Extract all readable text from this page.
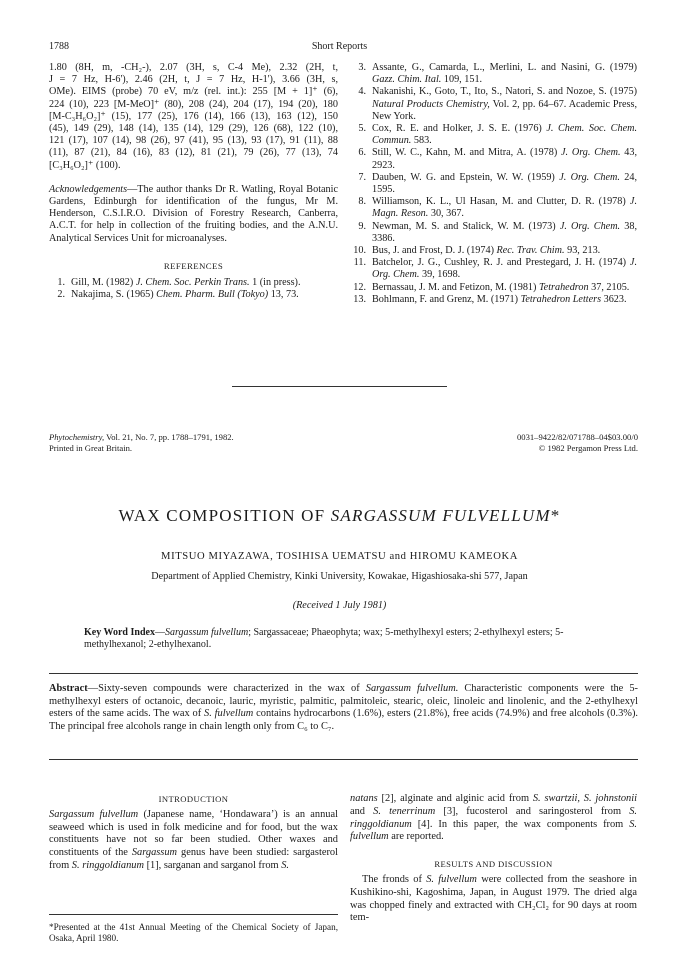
1788	Short Reports
1.80 (8H, m, -CH₂-), 2.07 (3H, s, C-4 Me), 2.32 (2H, t,
J = 7 Hz, H-6'), 2.46 (2H, t, J = 7 Hz, H-1'), 3.66 (3H, s,
OMe). EIMS (probe) 70 eV, m/z (rel. int.): 255 [M + 1]⁺ (6),
224 (10), 223 [M-MeO]⁺ (80), 208 (24), 204 (17), 194 (20), 180
[M-C₃H₆O₂]⁺ (15), 177 (25), 176 (14), 166 (13), 163 (12), 150
(45), 149 (29), 148 (14), 135 (14), 129 (29), 126 (68), 122 (10),
121 (17), 107 (14), 98 (26), 97 (41), 95 (13), 93 (17), 91 (11), 88
(11), 87 (21), 84 (16), 83 (12), 81 (21), 79 (26), 77 (13), 74
[C₃H₆O₂]⁺ (100).
Acknowledgements—The author thanks Dr R. Watling, Royal Botanic Gardens, Edinburgh for identification of the fungus, Mr M. Henderson, C.S.I.R.O. Division of Forestry Research, Canberra, A.C.T. for help in collection of the fruiting bodies, and the A.N.U. Analytical Services Unit for microanalyses.
REFERENCES
1. Gill, M. (1982) J. Chem. Soc. Perkin Trans. 1 (in press).
2. Nakajima, S. (1965) Chem. Pharm. Bull (Tokyo) 13, 73.
3. Assante, G., Camarda, L., Merlini, L. and Nasini, G. (1979) Gazz. Chim. Ital. 109, 151.
4. Nakanishi, K., Goto, T., Ito, S., Natori, S. and Nozoe, S. (1975) Natural Products Chemistry, Vol. 2, pp. 64–67. Academic Press, New York.
5. Cox, R. E. and Holker, J. S. E. (1976) J. Chem. Soc. Chem. Commun. 583.
6. Still, W. C., Kahn, M. and Mitra, A. (1978) J. Org. Chem. 43, 2923.
7. Dauben, W. G. and Epstein, W. W. (1959) J. Org. Chem. 24, 1595.
8. Williamson, K. L., Ul Hasan, M. and Clutter, D. R. (1978) J. Magn. Reson. 30, 367.
9. Newman, M. S. and Stalick, W. M. (1973) J. Org. Chem. 38, 3386.
10. Bus, J. and Frost, D. J. (1974) Rec. Trav. Chim. 93, 213.
11. Batchelor, J. G., Cushley, R. J. and Prestegard, J. H. (1974) J. Org. Chem. 39, 1698.
12. Bernassau, J. M. and Fetizon, M. (1981) Tetrahedron 37, 2105.
13. Bohlmann, F. and Grenz, M. (1971) Tetrahedron Letters 3623.
Phytochemistry, Vol. 21, No. 7, pp. 1788–1791, 1982.
Printed in Great Britain.
0031–9422/82/071788–04$03.00/0
© 1982 Pergamon Press Ltd.
WAX COMPOSITION OF SARGASSUM FULVELLUM*
MITSUO MIYAZAWA, TOSIHISA UEMATSU and HIROMU KAMEOKA
Department of Applied Chemistry, Kinki University, Kowakae, Higashiosaka-shi 577, Japan
(Received 1 July 1981)
Key Word Index—Sargassum fulvellum; Sargassaceae; Phaeophyta; wax; 5-methylhexyl esters; 2-ethylhexyl esters; 5-methylhexanol; 2-ethylhexanol.
Abstract—Sixty-seven compounds were characterized in the wax of Sargassum fulvellum. Characteristic components were the 5-methylhexyl esters of octanoic, decanoic, lauric, myristic, palmitic, palmitoleic, stearic, oleic, linoleic and linolenic, and the 2-ethylhexyl esters of the same acids. The wax of S. fulvellum contains hydrocarbons (1.6%), esters (21.8%), free acids (74.9%) and free alcohols (0.3%). The principal free alcohols range in chain length only from C₆ to C₇.
INTRODUCTION
Sargassum fulvellum (Japanese name, ‘Hondawara’) is an annual seaweed which is used in folk medicine and for food, but the wax constituents have not so far been studied. Other waxes and constituents of the Sargassum genus have been studied: sargasterol from S. ringgoldianum [1], sarganan and sarganol from S.
natans [2], alginate and alginic acid from S. swartzii, S. johnstonii and S. tenerrinum [3], fucosterol and saringosterol from S. ringgoldianum [4]. In this paper, the wax components from S. fulvellum are reported.
RESULTS AND DISCUSSION
The fronds of S. fulvellum were collected from the seashore in Kushikino-shi, Kagoshima, Japan, in August 1979. The dried alga was chopped finely and extracted with CH₂Cl₂ for 90 days at room tem-
*Presented at the 41st Annual Meeting of the Chemical Society of Japan, Osaka, April 1980.
